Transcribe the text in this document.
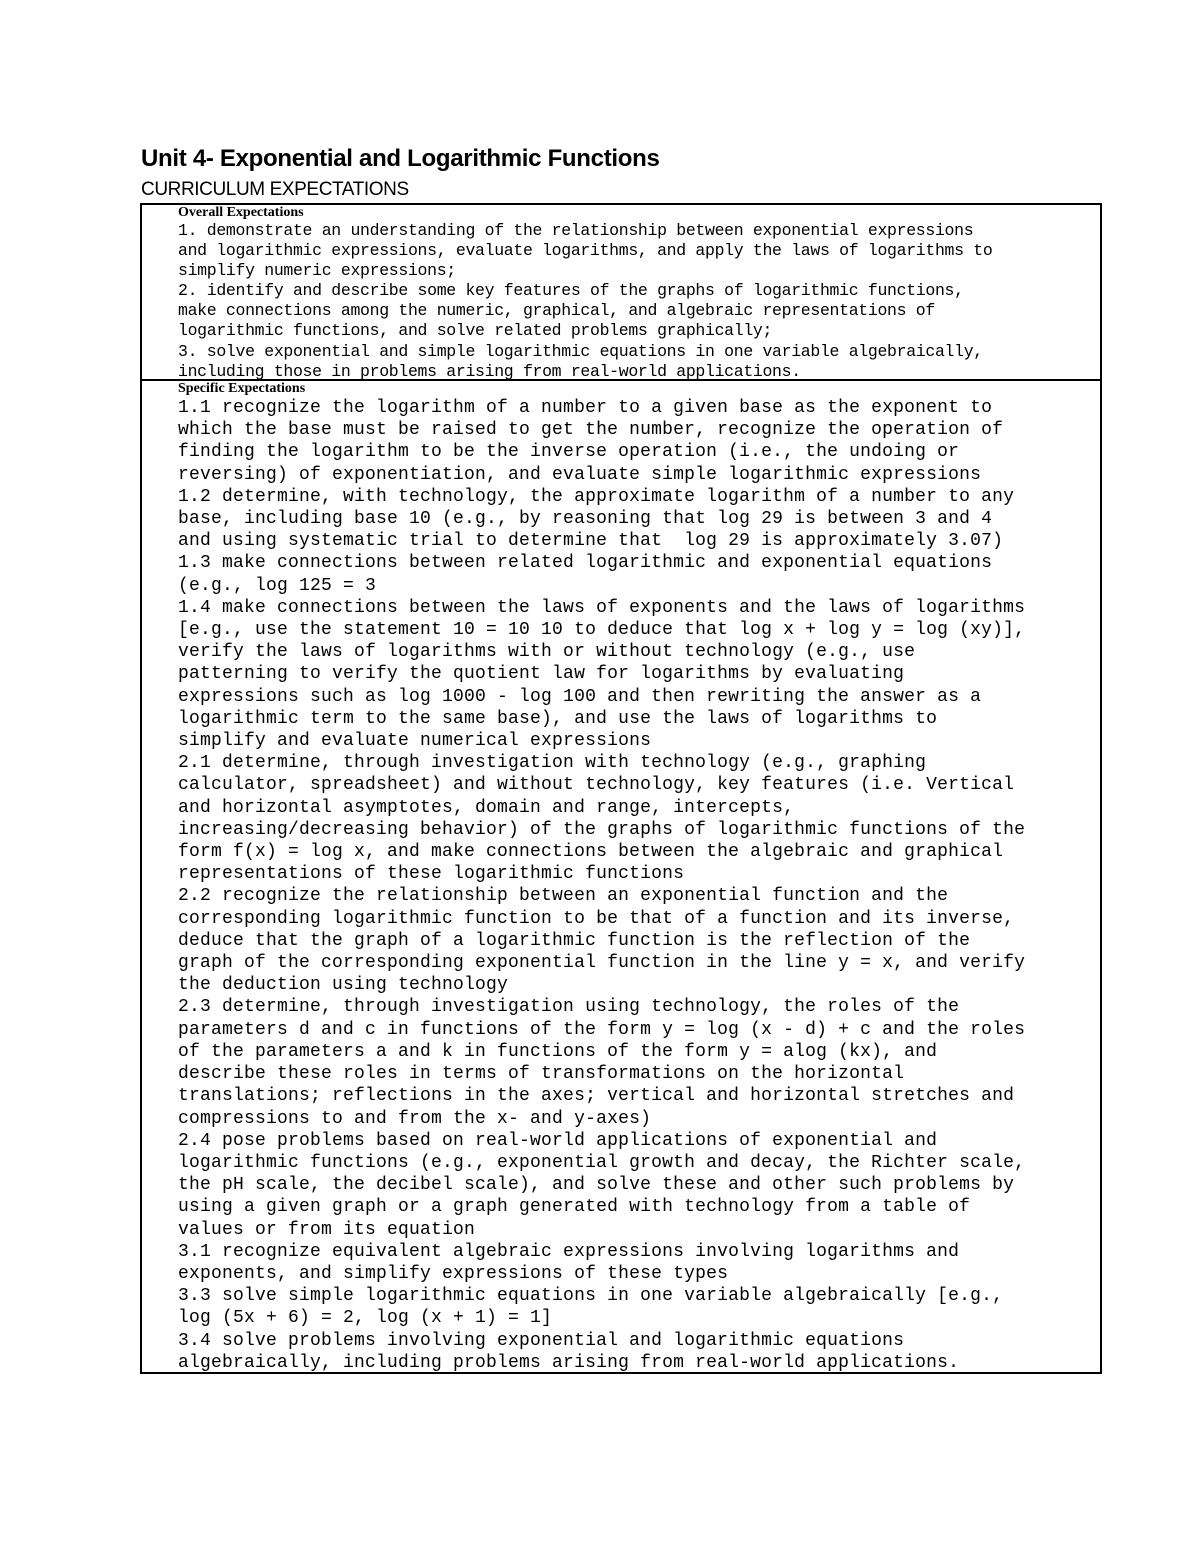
Unit 4- Exponential and Logarithmic Functions
CURRICULUM EXPECTATIONS
Overall Expectations
1. demonstrate an understanding of the relationship between exponential expressions
and logarithmic expressions, evaluate logarithms, and apply the laws of logarithms to
simplify numeric expressions;
2. identify and describe some key features of the graphs of logarithmic functions,
make connections among the numeric, graphical, and algebraic representations of
logarithmic functions, and solve related problems graphically;
3. solve exponential and simple logarithmic equations in one variable algebraically,
including those in problems arising from real-world applications.
Specific Expectations
1.1 recognize the logarithm of a number to a given base as the exponent to
which the base must be raised to get the number, recognize the operation of
finding the logarithm to be the inverse operation (i.e., the undoing or
reversing) of exponentiation, and evaluate simple logarithmic expressions
1.2 determine, with technology, the approximate logarithm of a number to any
base, including base 10 (e.g., by reasoning that log 29 is between 3 and 4
and using systematic trial to determine that  log 29 is approximately 3.07)
1.3 make connections between related logarithmic and exponential equations
(e.g., log 125 = 3
1.4 make connections between the laws of exponents and the laws of logarithms
[e.g., use the statement 10 = 10 10 to deduce that log x + log y = log (xy)],
verify the laws of logarithms with or without technology (e.g., use
patterning to verify the quotient law for logarithms by evaluating
expressions such as log 1000 - log 100 and then rewriting the answer as a
logarithmic term to the same base), and use the laws of logarithms to
simplify and evaluate numerical expressions
2.1 determine, through investigation with technology (e.g., graphing
calculator, spreadsheet) and without technology, key features (i.e. Vertical
and horizontal asymptotes, domain and range, intercepts,
increasing/decreasing behavior) of the graphs of logarithmic functions of the
form f(x) = log x, and make connections between the algebraic and graphical
representations of these logarithmic functions
2.2 recognize the relationship between an exponential function and the
corresponding logarithmic function to be that of a function and its inverse,
deduce that the graph of a logarithmic function is the reflection of the
graph of the corresponding exponential function in the line y = x, and verify
the deduction using technology
2.3 determine, through investigation using technology, the roles of the
parameters d and c in functions of the form y = log (x - d) + c and the roles
of the parameters a and k in functions of the form y = alog (kx), and
describe these roles in terms of transformations on the horizontal
translations; reflections in the axes; vertical and horizontal stretches and
compressions to and from the x- and y-axes)
2.4 pose problems based on real-world applications of exponential and
logarithmic functions (e.g., exponential growth and decay, the Richter scale,
the pH scale, the decibel scale), and solve these and other such problems by
using a given graph or a graph generated with technology from a table of
values or from its equation
3.1 recognize equivalent algebraic expressions involving logarithms and
exponents, and simplify expressions of these types
3.3 solve simple logarithmic equations in one variable algebraically [e.g.,
log (5x + 6) = 2, log (x + 1) = 1]
3.4 solve problems involving exponential and logarithmic equations
algebraically, including problems arising from real-world applications.
